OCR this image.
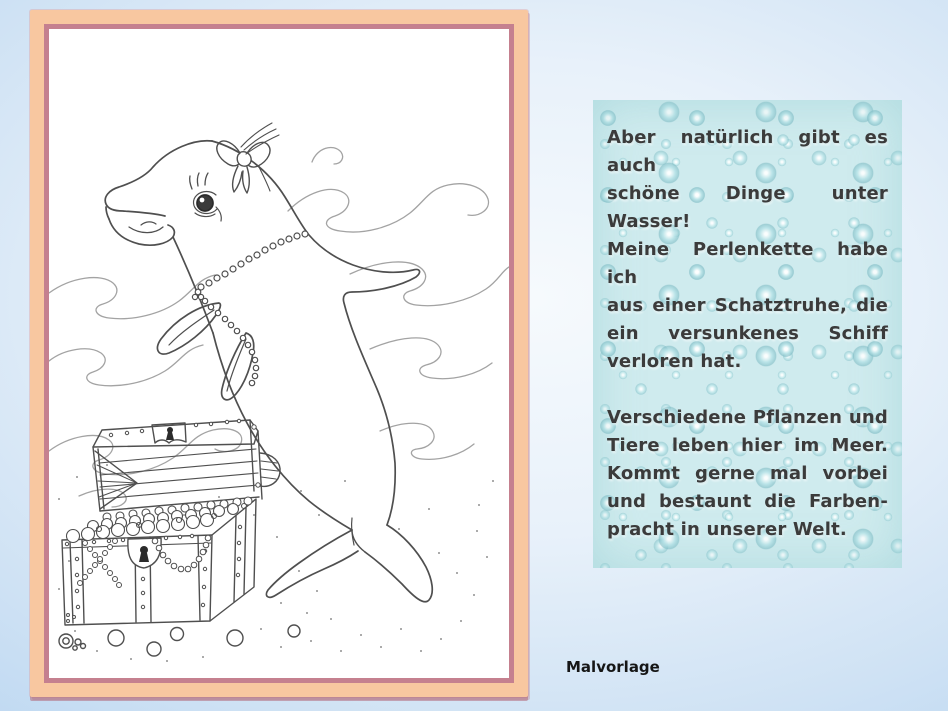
Aber natürlich gibt es auch
schöne Dinge unter Wasser!
Meine Perlenkette habe ich
aus einer Schatztruhe, die
ein versunkenes Schiff
verloren hat.
Verschiedene Pflanzen und
Tiere leben hier im Meer.
Kommt gerne mal vorbei
und bestaunt die Farben-
pracht in unserer Welt.
Malvorlage
